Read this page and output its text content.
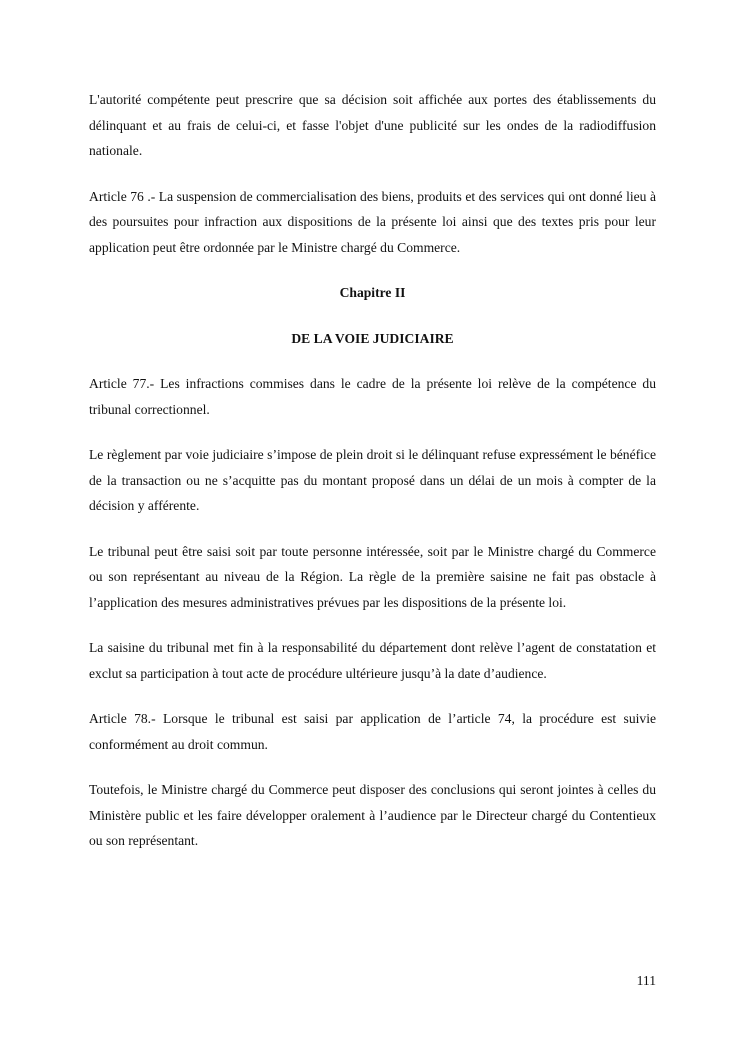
L'autorité compétente peut prescrire que sa décision soit affichée aux portes des établissements du délinquant et au frais de celui-ci, et fasse l'objet d'une publicité sur les ondes de la radiodiffusion nationale.

Article 76 .- La suspension de commercialisation des biens, produits et des services qui ont donné lieu à des poursuites pour infraction aux dispositions de la présente loi ainsi que des textes pris pour leur application peut être ordonnée par le Ministre chargé du Commerce.

Chapitre II
DE LA VOIE JUDICIAIRE

Article 77.- Les infractions commises dans le cadre de la présente loi relève de la compétence du tribunal correctionnel.

Le règlement par voie judiciaire s’impose de plein droit si le délinquant refuse expressément le bénéfice de la transaction ou ne s’acquitte pas du montant proposé dans un délai de un mois à compter de la décision y afférente.

Le tribunal peut être saisi soit par toute personne intéressée, soit par le Ministre chargé du Commerce ou son représentant au niveau de la Région. La règle de la première saisine ne fait pas obstacle à l’application des mesures administratives prévues par les dispositions de la présente loi.

La saisine du tribunal met fin à la responsabilité du département dont relève l’agent de constatation et exclut sa participation à tout acte de procédure ultérieure jusqu’à la date d’audience.

Article 78.- Lorsque le tribunal est saisi par application de l’article 74, la procédure est suivie conformément au droit commun.

Toutefois, le Ministre chargé du Commerce peut disposer des conclusions qui seront jointes à celles du Ministère public et les faire développer oralement à l’audience par le Directeur chargé du Contentieux ou son représentant.

111
